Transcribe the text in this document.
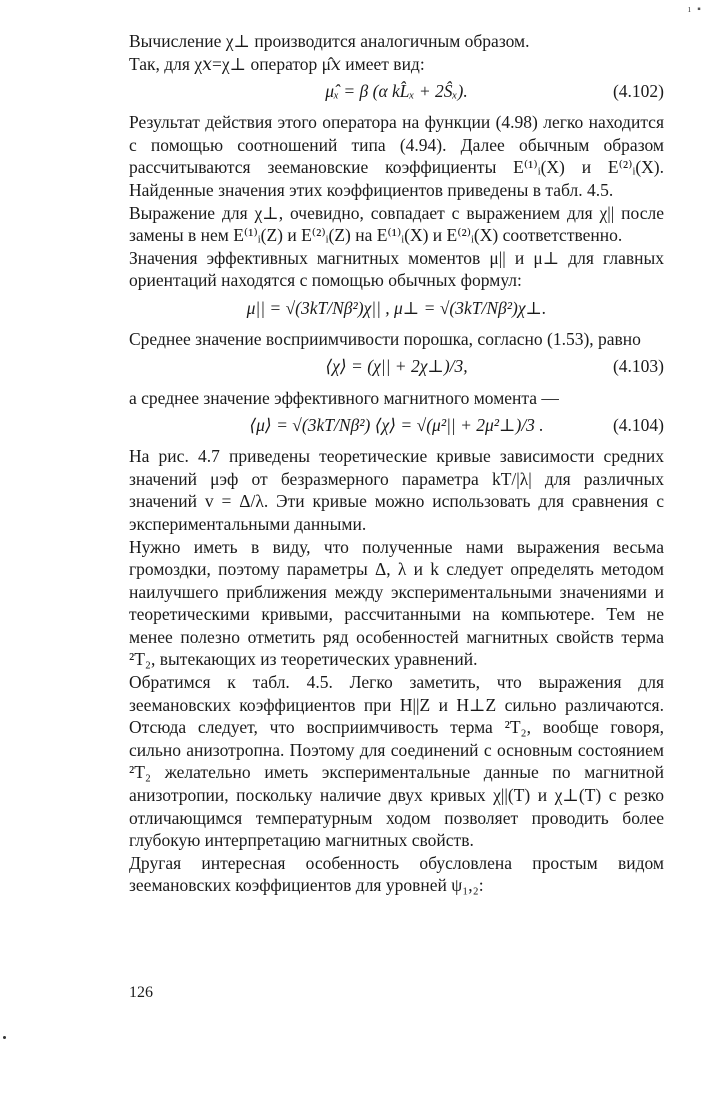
ı ▪

Вычисление χ⊥ производится аналогичным образом.

Так, для χ𝑥=χ⊥ оператор μ̂𝑥 имеет вид:

μ̂ₓ = β (α kL̂ₓ + 2Ŝₓ).	(4.102)

Результат действия этого оператора на функции (4.98) легко находится с помощью соотношений типа (4.94). Далее обычным образом рассчитываются зеемановские коэффициенты E⁽¹⁾ᵢ(X) и E⁽²⁾ᵢ(X). Найденные значения этих коэффициентов приведены в табл. 4.5.

Выражение для χ⊥, очевидно, совпадает с выражением для χ|| после замены в нем E⁽¹⁾ᵢ(Z) и E⁽²⁾ᵢ(Z) на E⁽¹⁾ᵢ(X) и E⁽²⁾ᵢ(X) соответственно.

Значения эффективных магнитных моментов μ|| и μ⊥ для главных ориентаций находятся с помощью обычных формул:

μ|| = √(3kT/Nβ²)χ|| , μ⊥ = √(3kT/Nβ²)χ⊥.

Среднее значение восприимчивости порошка, согласно (1.53), равно

⟨χ⟩ = (χ|| + 2χ⊥)/3,	(4.103)

а среднее значение эффективного магнитного момента —

⟨μ⟩ = √(3kT/Nβ²) ⟨χ⟩ = √(μ²|| + 2μ²⊥)/3 .	(4.104)

На рис. 4.7 приведены теоретические кривые зависимости средних значений μэф от безразмерного параметра kT/|λ| для различных значений v = Δ/λ. Эти кривые можно использовать для сравнения с экспериментальными данными.

Нужно иметь в виду, что полученные нами выражения весьма громоздки, поэтому параметры Δ, λ и k следует определять методом наилучшего приближения между экспериментальными значениями и теоретическими кривыми, рассчитанными на компьютере. Тем не менее полезно отметить ряд особенностей магнитных свойств терма ²T₂, вытекающих из теоретических уравнений.

Обратимся к табл. 4.5. Легко заметить, что выражения для зеемановских коэффициентов при H||Z и H⊥Z сильно различаются. Отсюда следует, что восприимчивость терма ²T₂, вообще говоря, сильно анизотропна. Поэтому для соединений с основным состоянием ²T₂ желательно иметь экспериментальные данные по магнитной анизотропии, поскольку наличие двух кривых χ||(T) и χ⊥(T) с резко отличающимся температурным ходом позволяет проводить более глубокую интерпретацию магнитных свойств.

Другая интересная особенность обусловлена простым видом зеемановских коэффициентов для уровней ψ₁,₂:

126
